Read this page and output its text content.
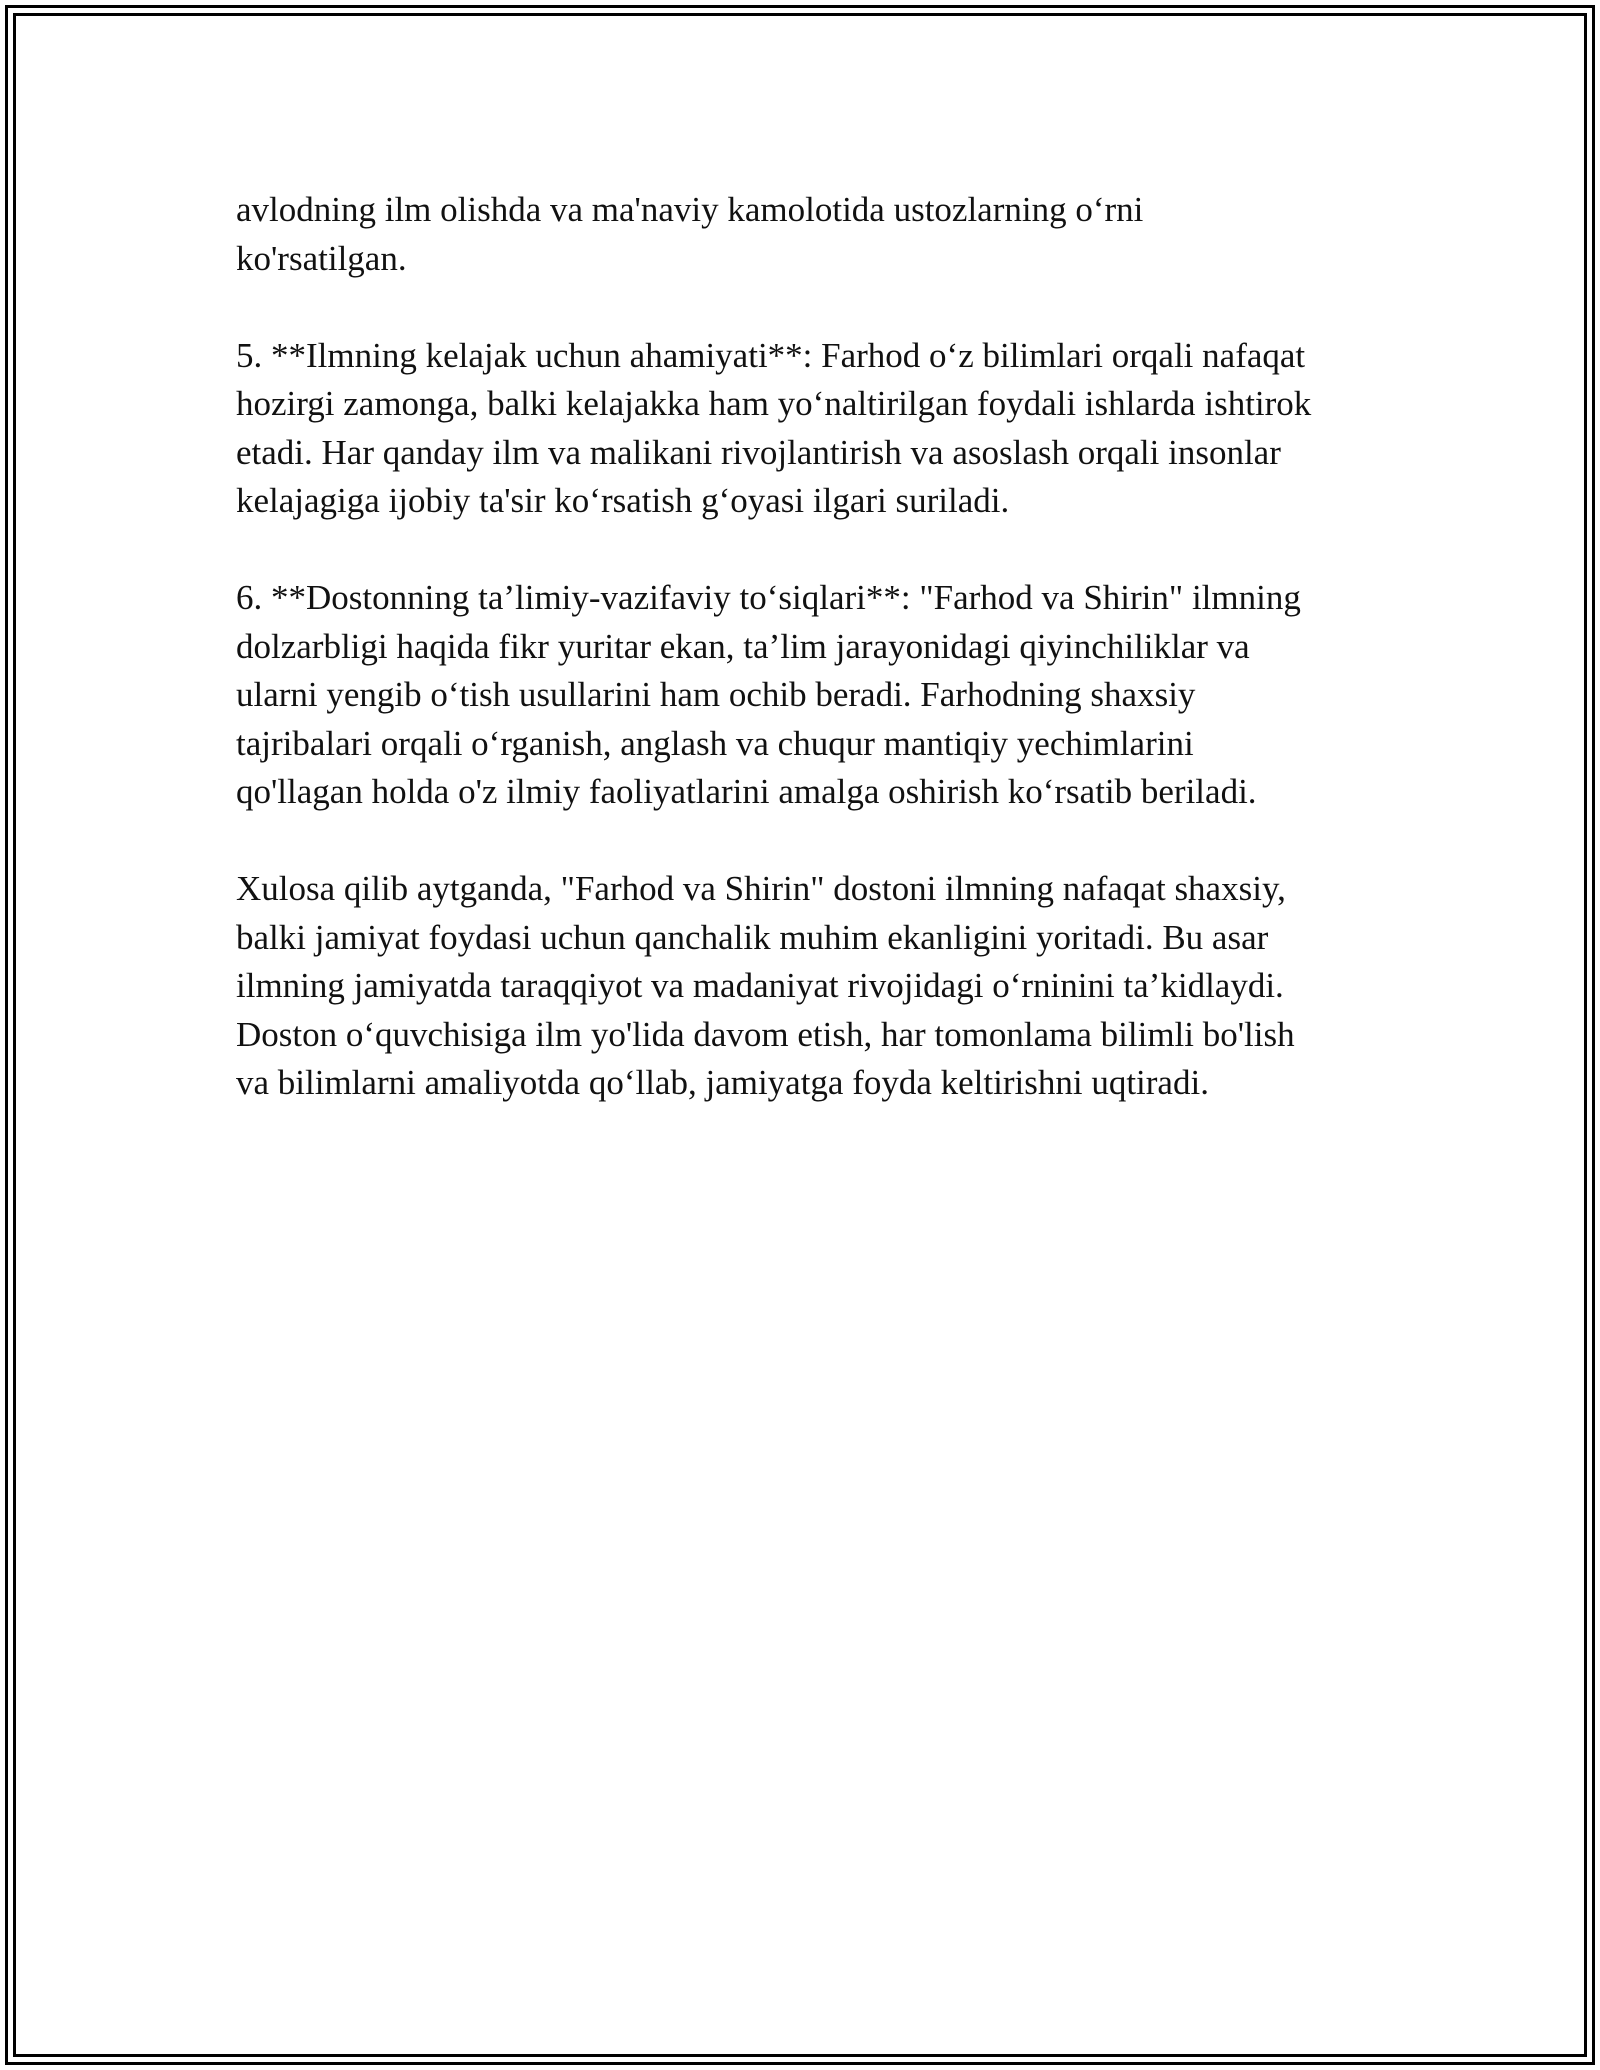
avlodning ilm olishda va ma'naviy kamolotida ustozlarning o‘rni
ko'rsatilgan.

5. **Ilmning kelajak uchun ahamiyati**: Farhod o‘z bilimlari orqali nafaqat
hozirgi zamonga, balki kelajakka ham yo‘naltirilgan foydali ishlarda ishtirok
etadi. Har qanday ilm va malikani rivojlantirish va asoslash orqali insonlar
kelajagiga ijobiy ta'sir ko‘rsatish g‘oyasi ilgari suriladi.

6. **Dostonning ta’limiy-vazifaviy to‘siqlari**: "Farhod va Shirin" ilmning
dolzarbligi haqida fikr yuritar ekan, ta’lim jarayonidagi qiyinchiliklar va
ularni yengib o‘tish usullarini ham ochib beradi. Farhodning shaxsiy
tajribalari orqali o‘rganish, anglash va chuqur mantiqiy yechimlarini
qo'llagan holda o'z ilmiy faoliyatlarini amalga oshirish ko‘rsatib beriladi.

Xulosa qilib aytganda, "Farhod va Shirin" dostoni ilmning nafaqat shaxsiy,
balki jamiyat foydasi uchun qanchalik muhim ekanligini yoritadi. Bu asar
ilmning jamiyatda taraqqiyot va madaniyat rivojidagi o‘rninini ta’kidlaydi.
Doston o‘quvchisiga ilm yo'lida davom etish, har tomonlama bilimli bo'lish
va bilimlarni amaliyotda qo‘llab, jamiyatga foyda keltirishni uqtiradi.
